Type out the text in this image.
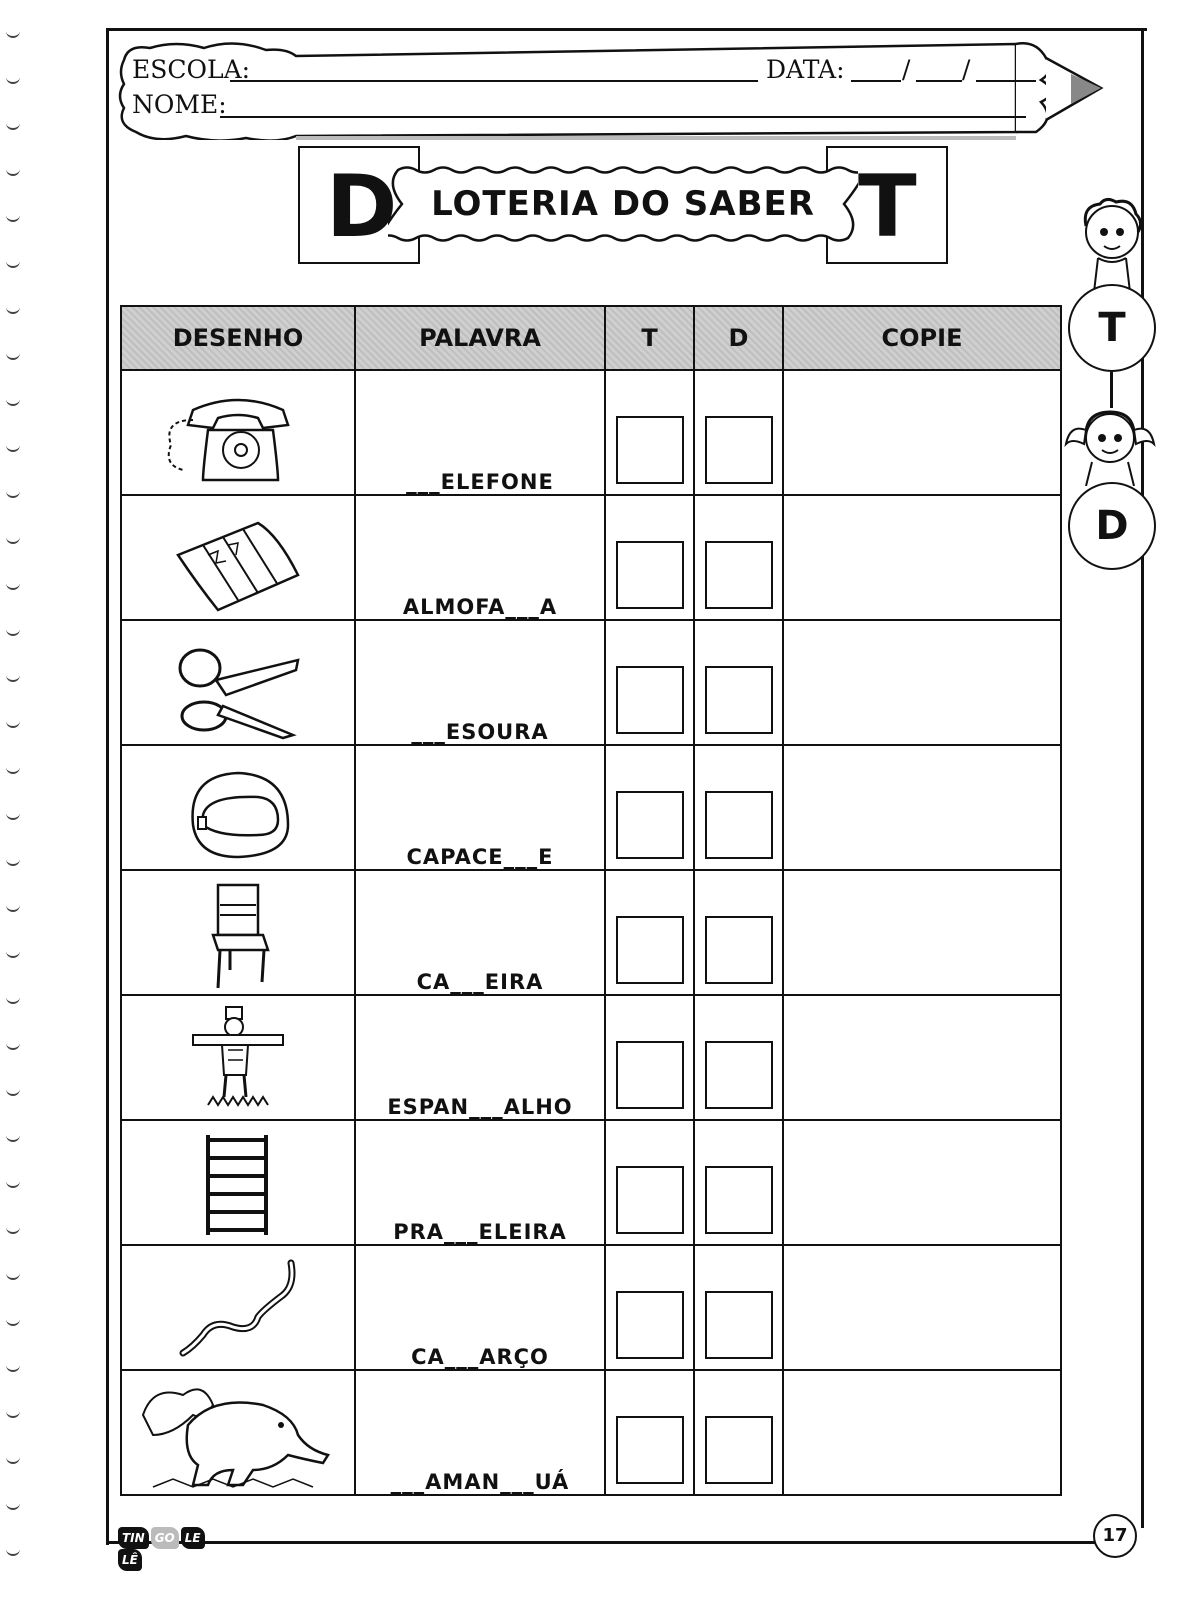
ESCOLA:	DATA: / /
NOME:
D	T
LOTERIA DO SABER
T
D
DESENHO	PALAVRA	T	D	COPIE
	___ELEFONE	

	ALMOFA___A	

	___ESOURA	

	CAPACE___E	

	CA___EIRA	

	ESPAN___ALHO	

	PRA___ELEIRA	

	CA___ARÇO	

	___AMAN___UÁ	

TIN GO LELÊ
17
